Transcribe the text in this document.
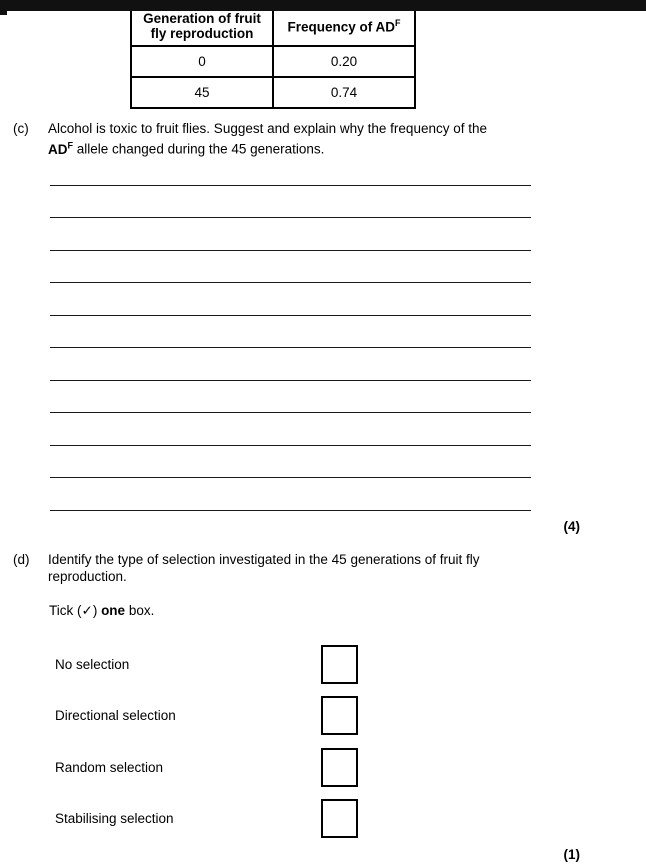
Generation of fruit
fly reproduction	Frequency of $AD^F$
0	0.20
45	0.74
(c) Alcohol is toxic to fruit flies. Suggest and explain why the frequency of the
$AD^F$ allele changed during the 45 generations.
(4)
(d) Identify the type of selection investigated in the 45 generations of fruit fly
reproduction.
Tick (✓) one box.
No selection
Directional selection
Random selection
Stabilising selection
(1)
